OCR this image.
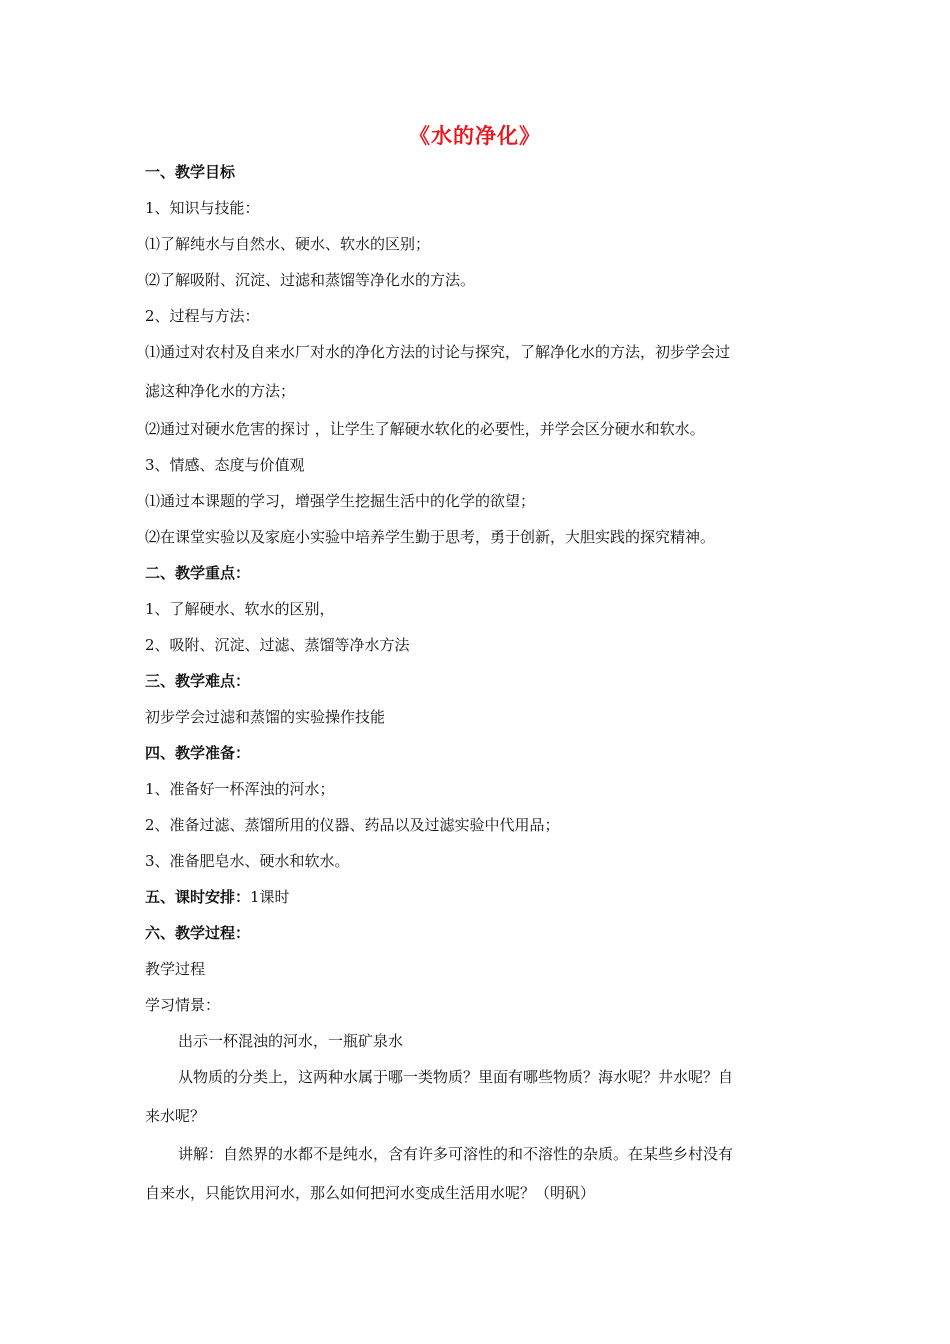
《水的净化》
一、教学目标
1、知识与技能：
⑴了解纯水与自然水、硬水、软水的区别；
⑵了解吸附、沉淀、过滤和蒸馏等净化水的方法。
2、过程与方法：
⑴通过对农村及自来水厂对水的净化方法的讨论与探究，了解净化水的方法，初步学会过
滤这种净化水的方法；
⑵通过对硬水危害的探讨 ，让学生了解硬水软化的必要性，并学会区分硬水和软水。
3、情感、态度与价值观
⑴通过本课题的学习，增强学生挖掘生活中的化学的欲望；
⑵在课堂实验以及家庭小实验中培养学生勤于思考，勇于创新，大胆实践的探究精神。
二、教学重点：
1、了解硬水、软水的区别，
2、吸附、沉淀、过滤、蒸馏等净水方法
三、教学难点：
初步学会过滤和蒸馏的实验操作技能
四、教学准备：
1、准备好一杯浑浊的河水；
2、准备过滤、蒸馏所用的仪器、药品以及过滤实验中代用品；
3、准备肥皂水、硬水和软水。
五、课时安排：1课时
六、教学过程：
教学过程
学习情景：
出示一杯混浊的河水，一瓶矿泉水
从物质的分类上，这两种水属于哪一类物质？里面有哪些物质？海水呢？井水呢？自
来水呢？
讲解：自然界的水都不是纯水，含有许多可溶性的和不溶性的杂质。在某些乡村没有
自来水，只能饮用河水，那么如何把河水变成生活用水呢？（明矾）
